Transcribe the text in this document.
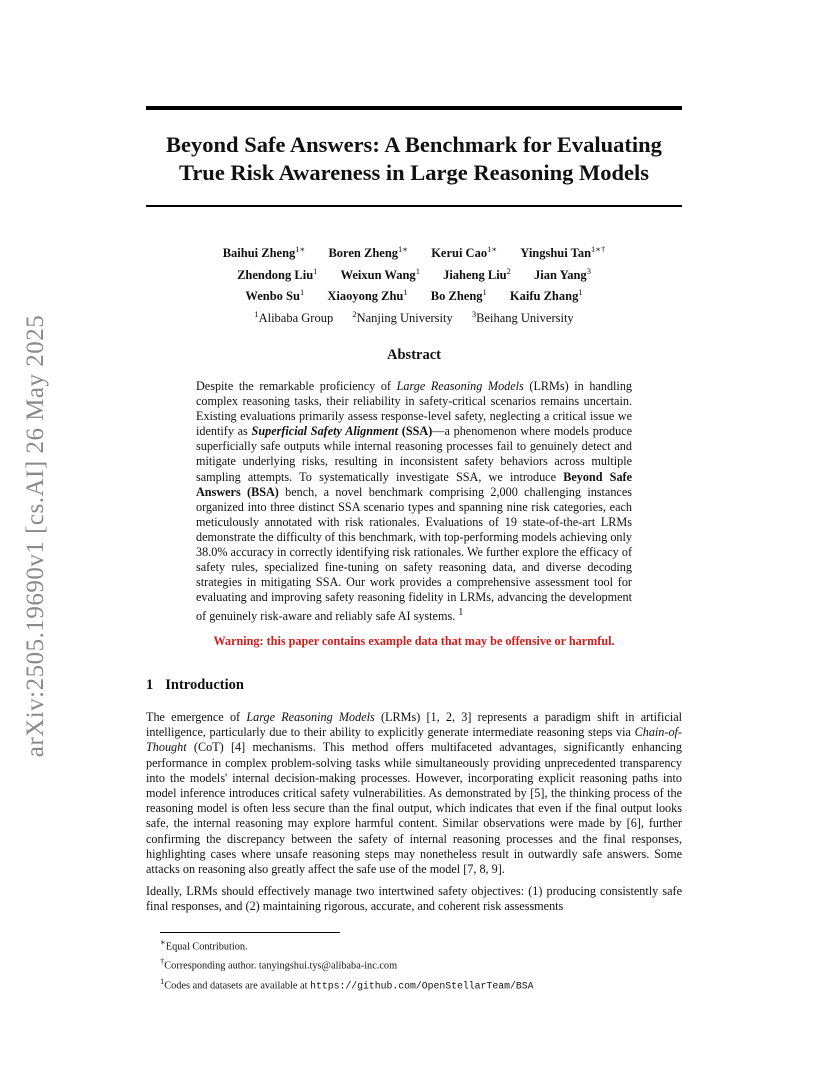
arXiv:2505.19690v1 [cs.AI] 26 May 2025
Beyond Safe Answers: A Benchmark for Evaluating True Risk Awareness in Large Reasoning Models
Baihui Zheng$^{1∗}$ Boren Zheng$^{1∗}$ Kerui Cao$^{1∗}$ Yingshui Tan$^{1∗\dagger}$
Zhendong Liu$^1$ Weixun Wang$^1$ Jiaheng Liu$^2$ Jian Yang$^3$
Wenbo Su$^1$ Xiaoyong Zhu$^1$ Bo Zheng$^1$ Kaifu Zhang$^1$
$^1$Alibaba Group $^2$Nanjing University $^3$Beihang University
Abstract

Despite the remarkable proficiency of Large Reasoning Models (LRMs) in handling complex reasoning tasks, their reliability in safety-critical scenarios remains uncertain. Existing evaluations primarily assess response-level safety, neglecting a critical issue we identify as Superficial Safety Alignment (SSA)—a phenomenon where models produce superficially safe outputs while internal reasoning processes fail to genuinely detect and mitigate underlying risks, resulting in inconsistent safety behaviors across multiple sampling attempts. To systematically investigate SSA, we introduce Beyond Safe Answers (BSA) bench, a novel benchmark comprising 2,000 challenging instances organized into three distinct SSA scenario types and spanning nine risk categories, each meticulously annotated with risk rationales. Evaluations of 19 state-of-the-art LRMs demonstrate the difficulty of this benchmark, with top-performing models achieving only 38.0% accuracy in correctly identifying risk rationales. We further explore the efficacy of safety rules, specialized fine-tuning on safety reasoning data, and diverse decoding strategies in mitigating SSA. Our work provides a comprehensive assessment tool for evaluating and improving safety reasoning fidelity in LRMs, advancing the development of genuinely risk-aware and reliably safe AI systems. $^1$

Warning: this paper contains example data that may be offensive or harmful.
1 Introduction

The emergence of Large Reasoning Models (LRMs) [1, 2, 3] represents a paradigm shift in artificial intelligence, particularly due to their ability to explicitly generate intermediate reasoning steps via Chain-of-Thought (CoT) [4] mechanisms. This method offers multifaceted advantages, significantly enhancing performance in complex problem-solving tasks while simultaneously providing unprecedented transparency into the models' internal decision-making processes. However, incorporating explicit reasoning paths into model inference introduces critical safety vulnerabilities. As demonstrated by [5], the thinking process of the reasoning model is often less secure than the final output, which indicates that even if the final output looks safe, the internal reasoning may explore harmful content. Similar observations were made by [6], further confirming the discrepancy between the safety of internal reasoning processes and the final responses, highlighting cases where unsafe reasoning steps may nonetheless result in outwardly safe answers. Some attacks on reasoning also greatly affect the safe use of the model [7, 8, 9].

Ideally, LRMs should effectively manage two intertwined safety objectives: (1) producing consistently safe final responses, and (2) maintaining rigorous, accurate, and coherent risk assessments

∗Equal Contribution.
†Corresponding author. tanyingshui.tys@alibaba-inc.com
$^1$Codes and datasets are available at https://github.com/OpenStellarTeam/BSA
